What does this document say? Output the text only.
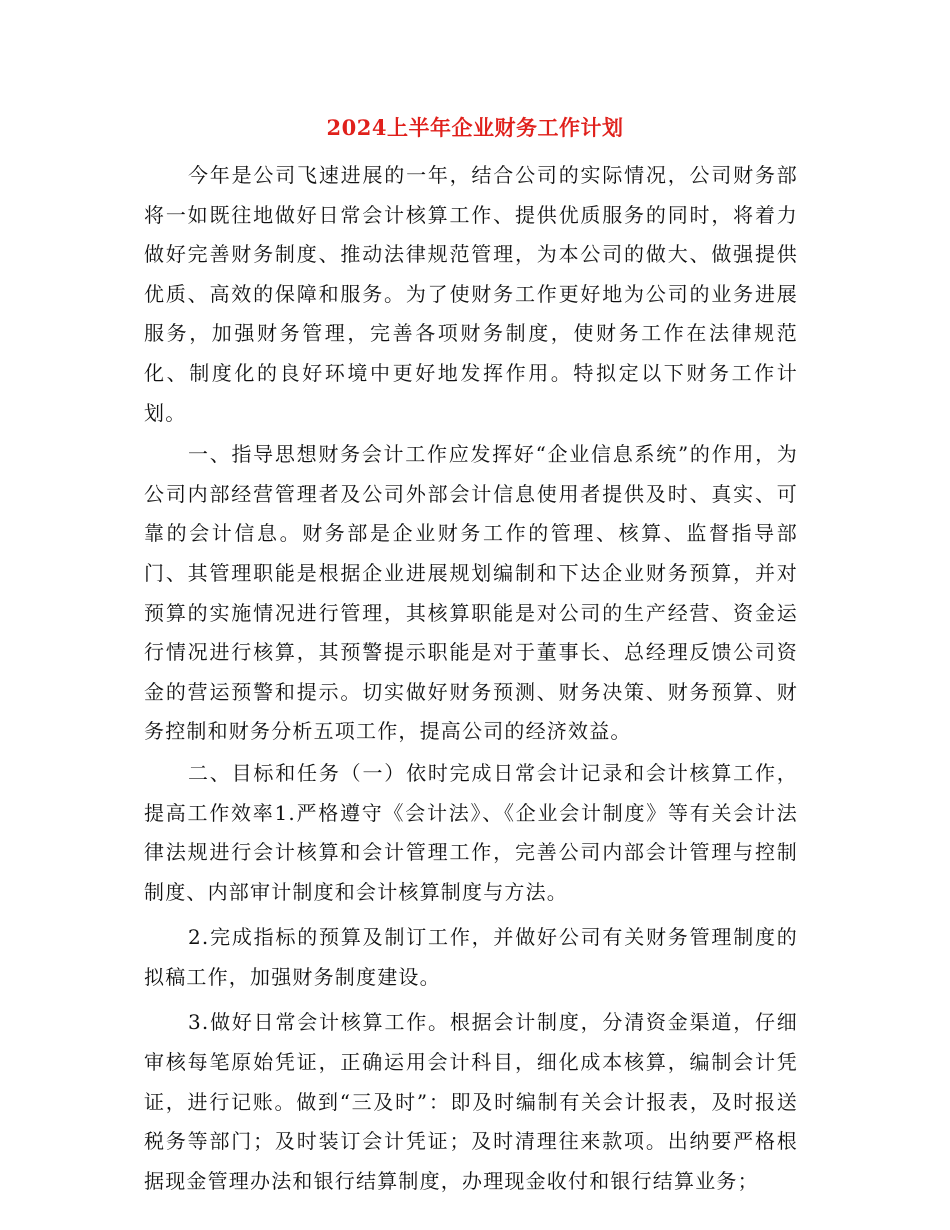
2024上半年企业财务工作计划

今年是公司飞速进展的一年，结合公司的实际情况，公司财务部将一如既往地做好日常会计核算工作、提供优质服务的同时，将着力做好完善财务制度、推动法律规范管理，为本公司的做大、做强提供优质、高效的保障和服务。为了使财务工作更好地为公司的业务进展服务，加强财务管理，完善各项财务制度，使财务工作在法律规范化、制度化的良好环境中更好地发挥作用。特拟定以下财务工作计划。

一、指导思想财务会计工作应发挥好“企业信息系统”的作用，为公司内部经营管理者及公司外部会计信息使用者提供及时、真实、可靠的会计信息。财务部是企业财务工作的管理、核算、监督指导部门、其管理职能是根据企业进展规划编制和下达企业财务预算，并对预算的实施情况进行管理，其核算职能是对公司的生产经营、资金运行情况进行核算，其预警提示职能是对于董事长、总经理反馈公司资金的营运预警和提示。切实做好财务预测、财务决策、财务预算、财务控制和财务分析五项工作，提高公司的经济效益。

二、目标和任务（一）依时完成日常会计记录和会计核算工作，提高工作效率1.严格遵守《会计法》、《企业会计制度》等有关会计法律法规进行会计核算和会计管理工作，完善公司内部会计管理与控制制度、内部审计制度和会计核算制度与方法。

2.完成指标的预算及制订工作，并做好公司有关财务管理制度的拟稿工作，加强财务制度建设。

3.做好日常会计核算工作。根据会计制度，分清资金渠道，仔细审核每笔原始凭证，正确运用会计科目，细化成本核算，编制会计凭证，进行记账。做到“三及时”：即及时编制有关会计报表，及时报送税务等部门；及时装订会计凭证；及时清理往来款项。出纳要严格根据现金管理办法和银行结算制度，办理现金收付和银行结算业务；
